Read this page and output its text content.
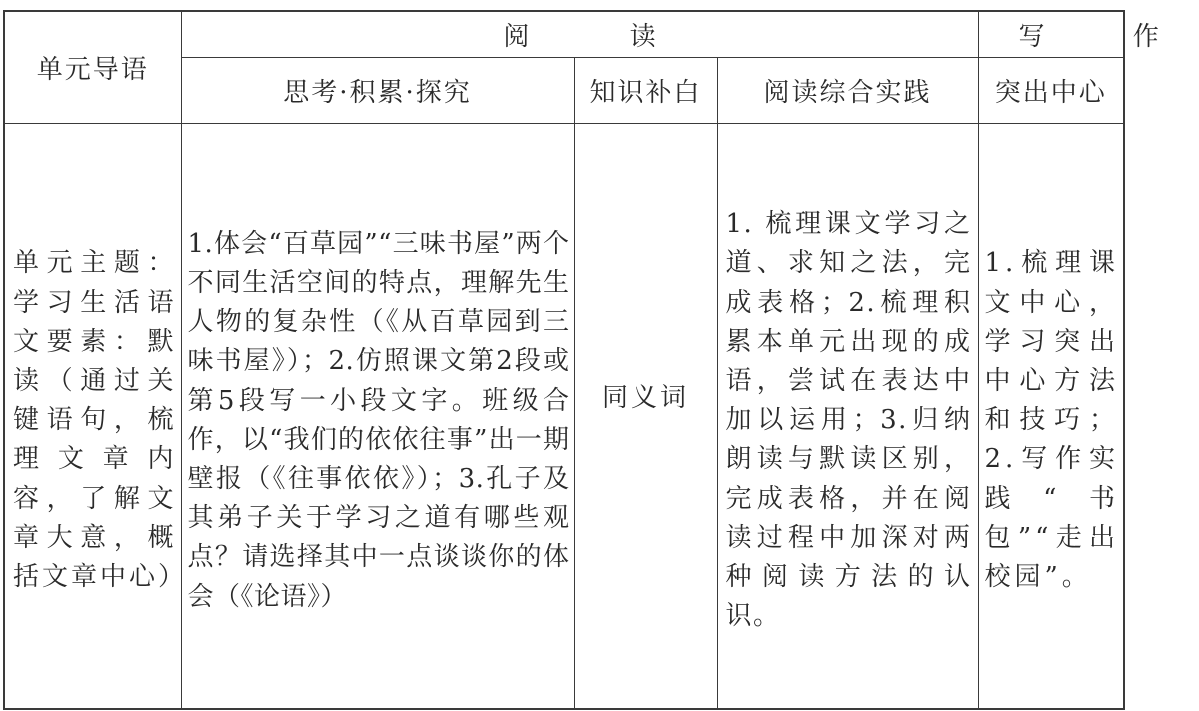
单元导语	阅 读			写 作
	思考·积累·探究	知识补白	阅读综合实践	突出中心

单元主题：学习生活语文要素：默读（通过关键语句，梳理文章内容，了解文章大意，概括文章中心）	1.体会“百草园”“三味书屋”两个不同生活空间的特点，理解先生人物的复杂性（《从百草园到三味书屋》）；2.仿照课文第2段或第5段写一小段文字。班级合作，以“我们的依依往事”出一期壁报（《往事依依》）；3.孔子及其弟子关于学习之道有哪些观点？请选择其中一点谈谈你的体会（《论语》）	同义词	1. 梳理课文学习之道、求知之法，完成表格；2.梳理积累本单元出现的成语，尝试在表达中加以运用；3.归纳朗读与默读区别，完成表格，并在阅读过程中加深对两种阅读方法的认识。	1.梳理课文中心，学习突出中心方法和技巧；2.写作实践“书包”“走出校园”。
